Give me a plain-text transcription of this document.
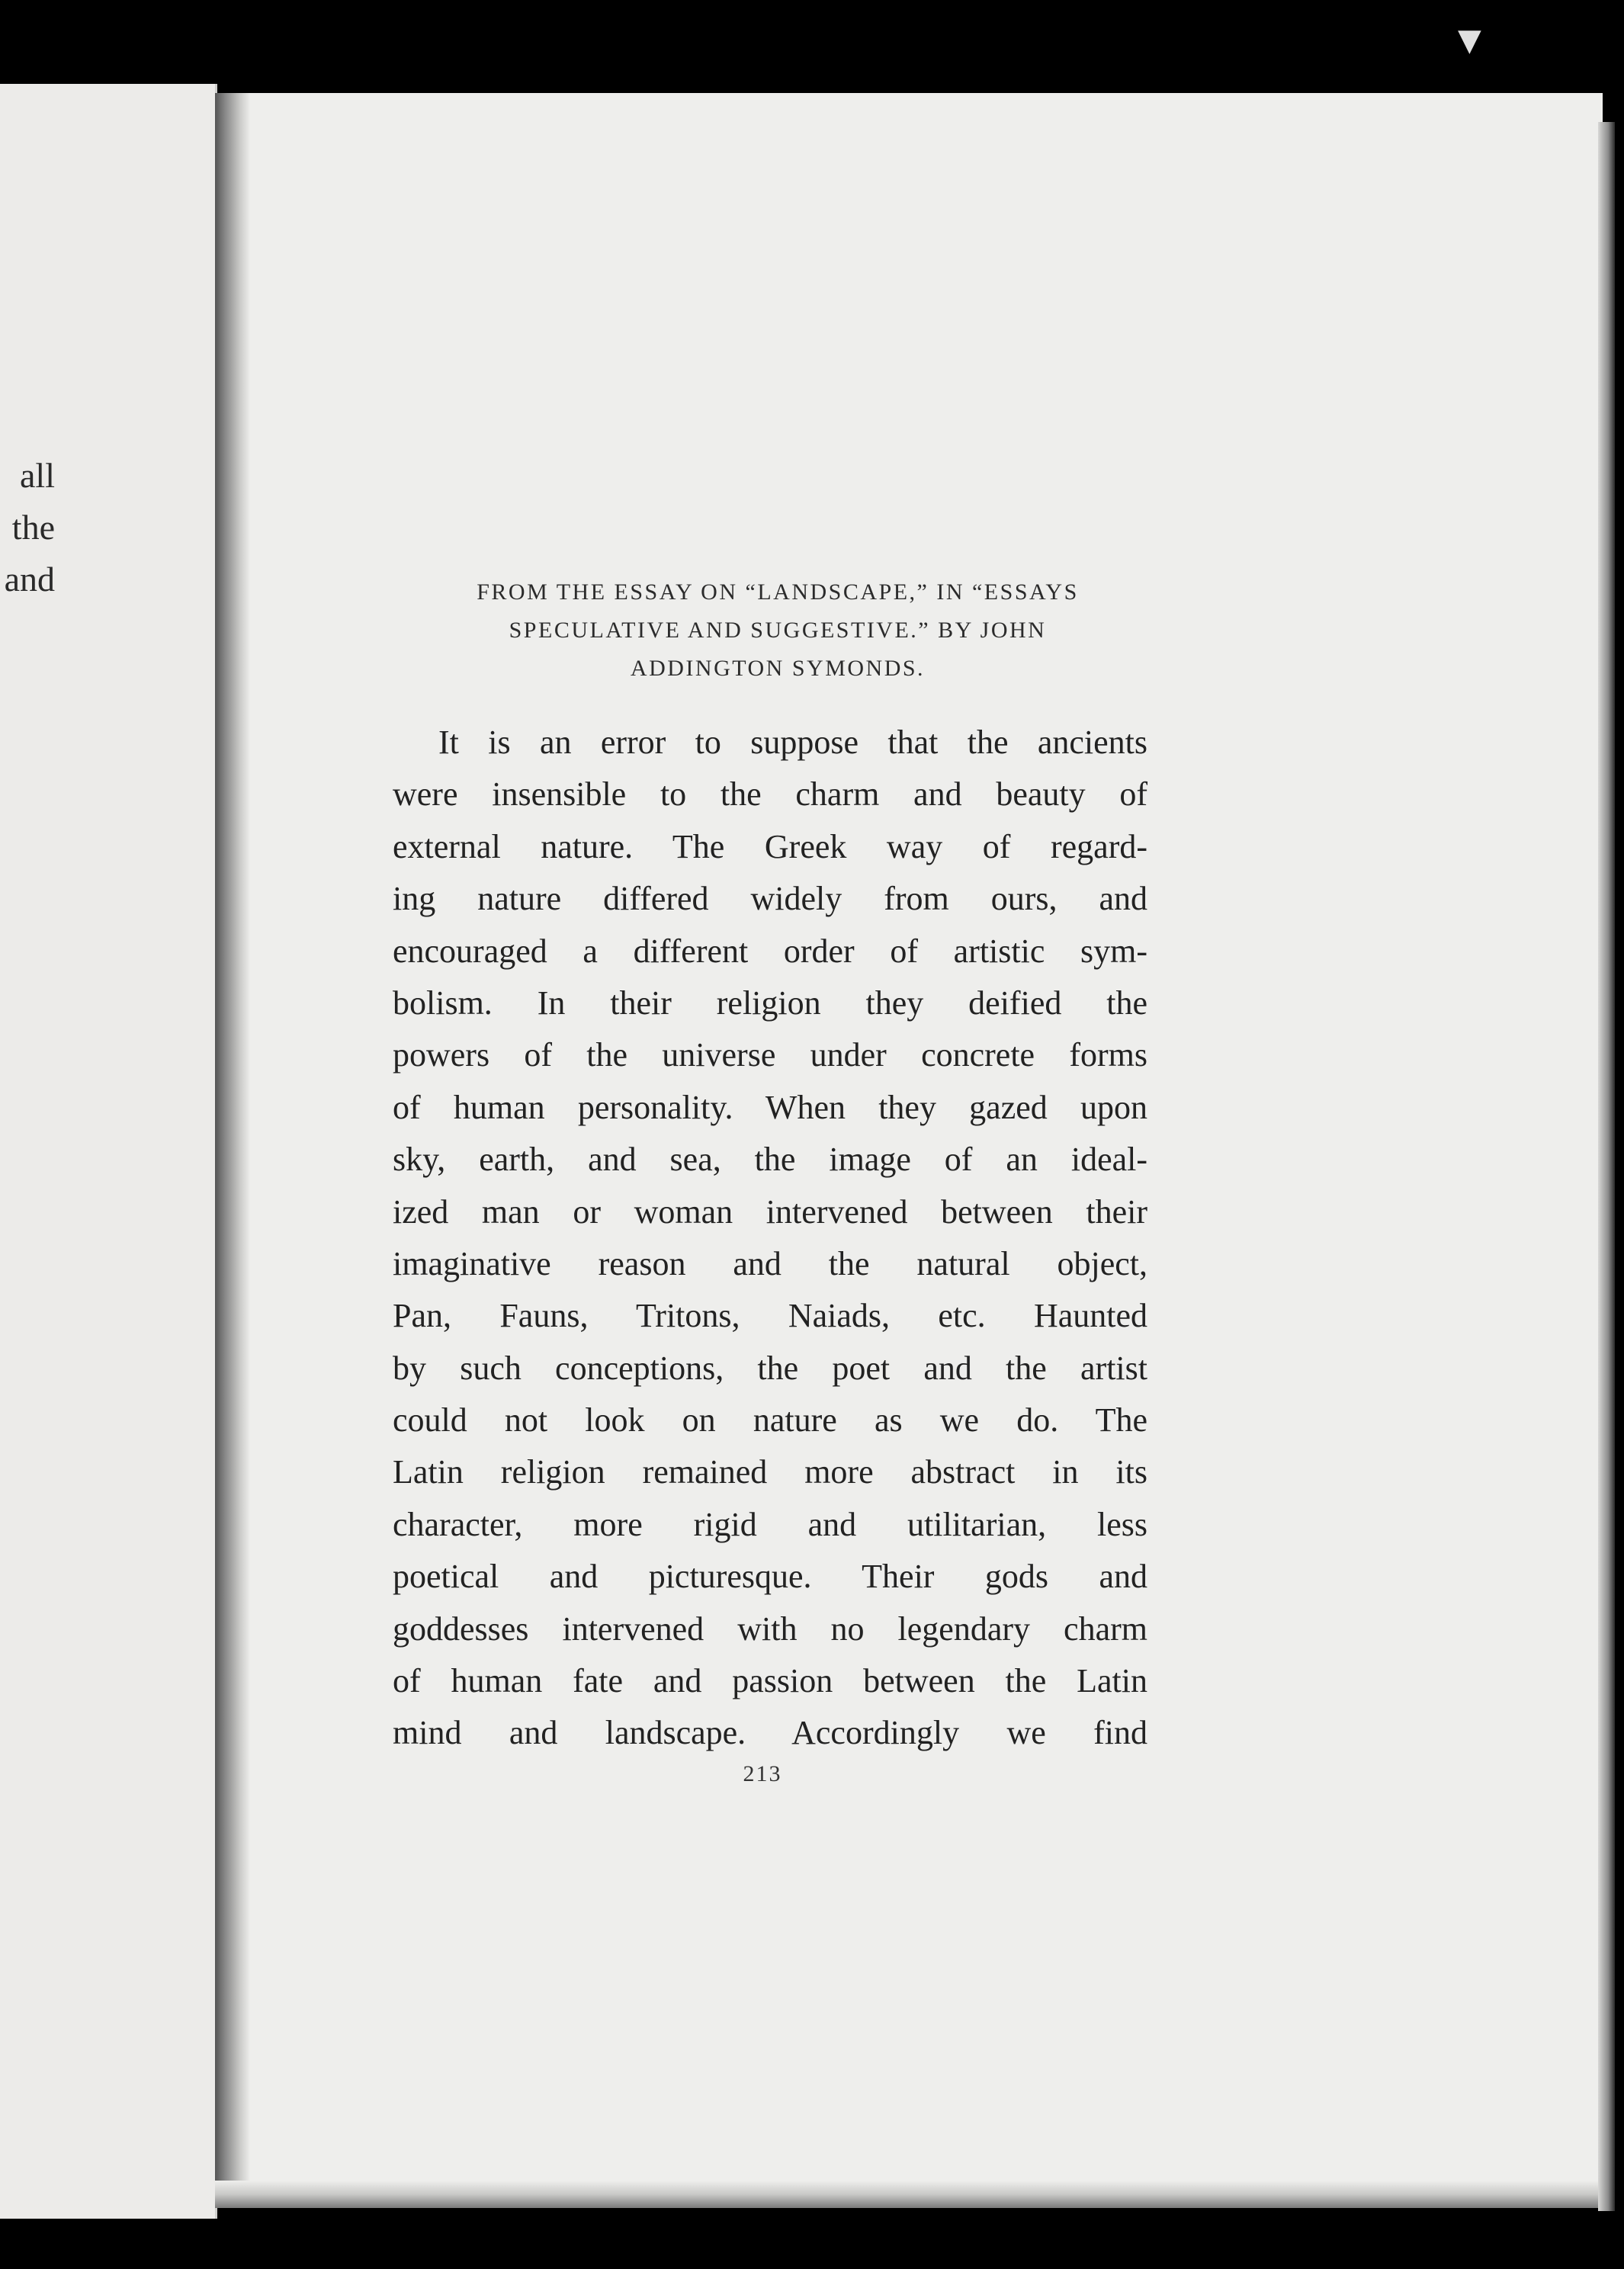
all
the
and
▼
FROM THE ESSAY ON “LANDSCAPE,” IN “ESSAYS
SPECULATIVE AND SUGGESTIVE.” BY JOHN
ADDINGTON SYMONDS.
It is an error to suppose that the ancients
were insensible to the charm and beauty of
external nature. The Greek way of regard-
ing nature differed widely from ours, and
encouraged a different order of artistic sym-
bolism. In their religion they deified the
powers of the universe under concrete forms
of human personality. When they gazed upon
sky, earth, and sea, the image of an ideal-
ized man or woman intervened between their
imaginative reason and the natural object,
Pan, Fauns, Tritons, Naiads, etc. Haunted
by such conceptions, the poet and the artist
could not look on nature as we do. The
Latin religion remained more abstract in its
character, more rigid and utilitarian, less
poetical and picturesque. Their gods and
goddesses intervened with no legendary charm
of human fate and passion between the Latin
mind and landscape. Accordingly we find
213
